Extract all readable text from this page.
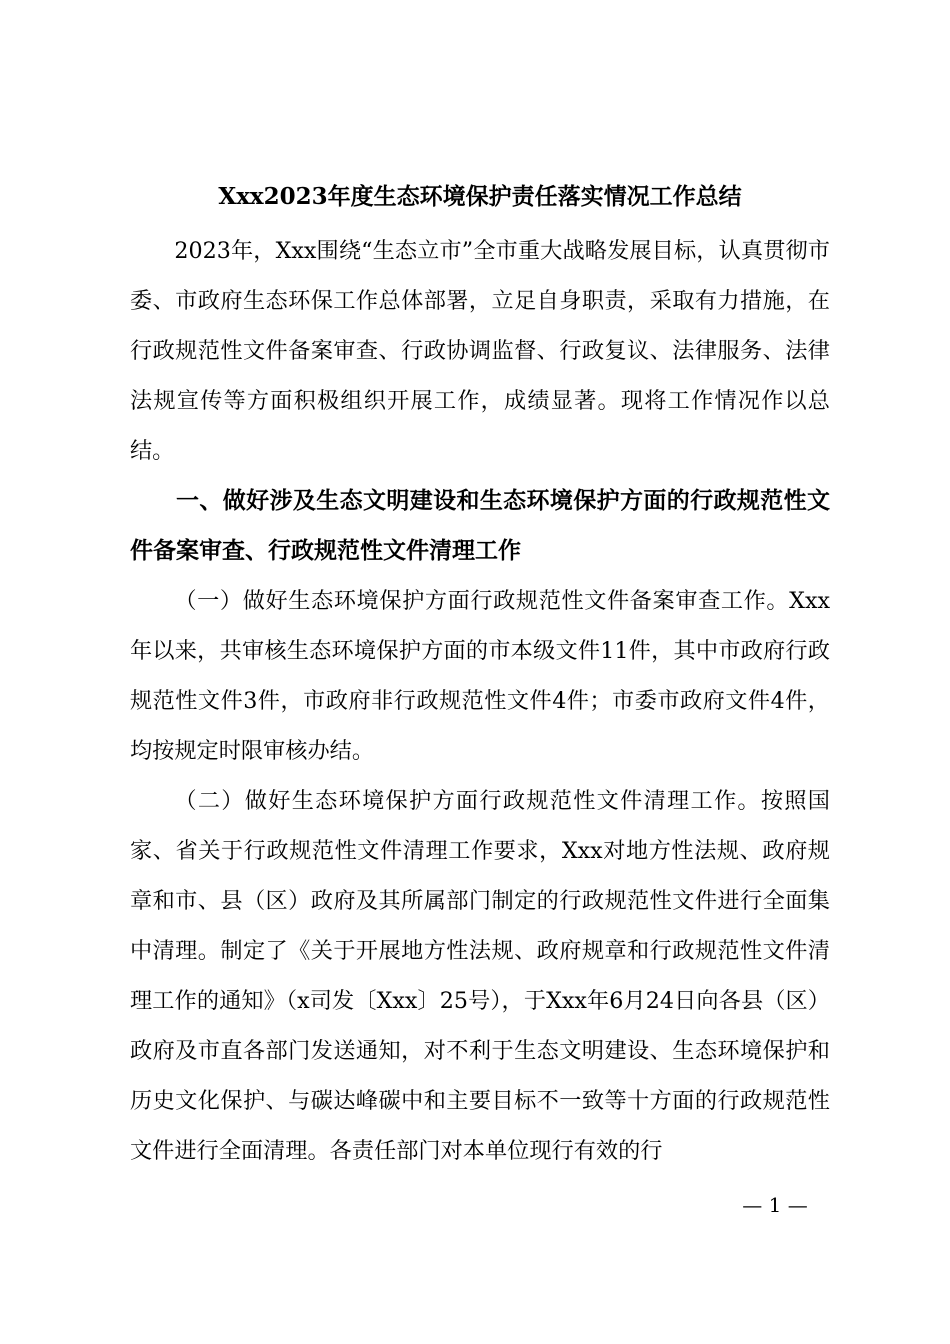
Xxx2023年度生态环境保护责任落实情况工作总结

2023年，Xxx围绕“生态立市”全市重大战略发展目标，认真贯彻市委、市政府生态环保工作总体部署，立足自身职责，采取有力措施，在行政规范性文件备案审查、行政协调监督、行政复议、法律服务、法律法规宣传等方面积极组织开展工作，成绩显著。现将工作情况作以总结。

一、做好涉及生态文明建设和生态环境保护方面的行政规范性文件备案审查、行政规范性文件清理工作

（一）做好生态环境保护方面行政规范性文件备案审查工作。Xxx年以来，共审核生态环境保护方面的市本级文件11件，其中市政府行政规范性文件3件，市政府非行政规范性文件4件；市委市政府文件4件，均按规定时限审核办结。

（二）做好生态环境保护方面行政规范性文件清理工作。按照国家、省关于行政规范性文件清理工作要求，Xxx对地方性法规、政府规章和市、县（区）政府及其所属部门制定的行政规范性文件进行全面集中清理。制定了《关于开展地方性法规、政府规章和行政规范性文件清理工作的通知》（x司发〔Xxx〕25号），于Xxx年6月24日向各县（区）政府及市直各部门发送通知，对不利于生态文明建设、生态环境保护和历史文化保护、与碳达峰碳中和主要目标不一致等十方面的行政规范性文件进行全面清理。各责任部门对本单位现行有效的行

— 1 —
